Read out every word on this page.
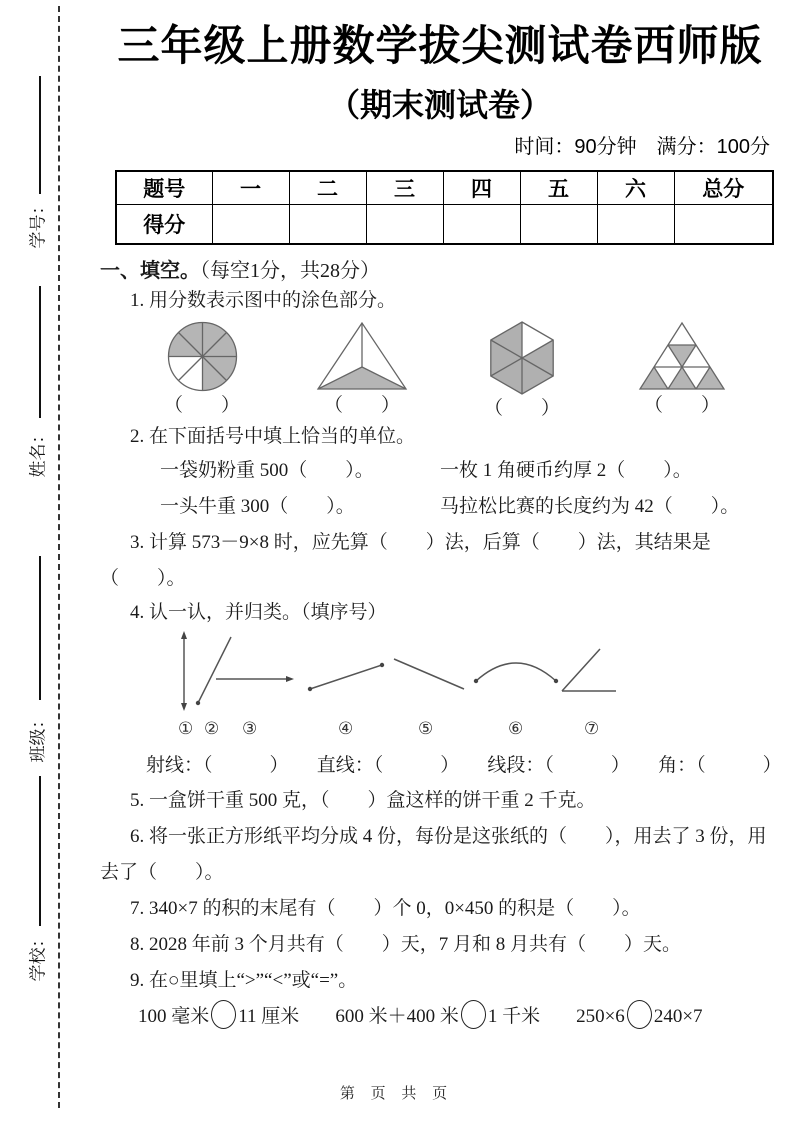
学号：
姓名：
班级：
学校：
三年级上册数学拔尖测试卷西师版
（期末测试卷）
时间：90分钟　满分：100分
题号	一	二	三	四	五	六	总分
得分							
一、填空。（每空1分，共28分）

1. 用分数表示图中的涂色部分。

（　　）	（　　）	（　　）	（　　）

2. 在下面括号中填上恰当的单位。

一袋奶粉重 500（　　）。	一枚 1 角硬币约厚 2（　　）。
一头牛重 300（　　）。	马拉松比赛的长度约为 42（　　）。

3. 计算 573－9×8 时，应先算（　　）法，后算（　　）法，其结果是（　　）。

4. 认一认，并归类。（填序号）

① ② ③	④	⑤	⑥	⑦
射线：（　　　） 直线：（　　　） 线段：（　　　） 角：（　　　）

5. 一盒饼干重 500 克，（　　）盒这样的饼干重 2 千克。

6. 将一张正方形纸平均分成 4 份，每份是这张纸的（　　），用去了 3 份，用

去了（　　）。

7. 340×7 的积的末尾有（　　）个 0，0×450 的积是（　　）。

8. 2028 年前 3 个月共有（　　）天，7 月和 8 月共有（　　）天。

9. 在○里填上“>”“<”或“=”。

100 毫米 11 厘米 600 米＋400 米 1 千米 250×6 240×7
第 页 共 页
